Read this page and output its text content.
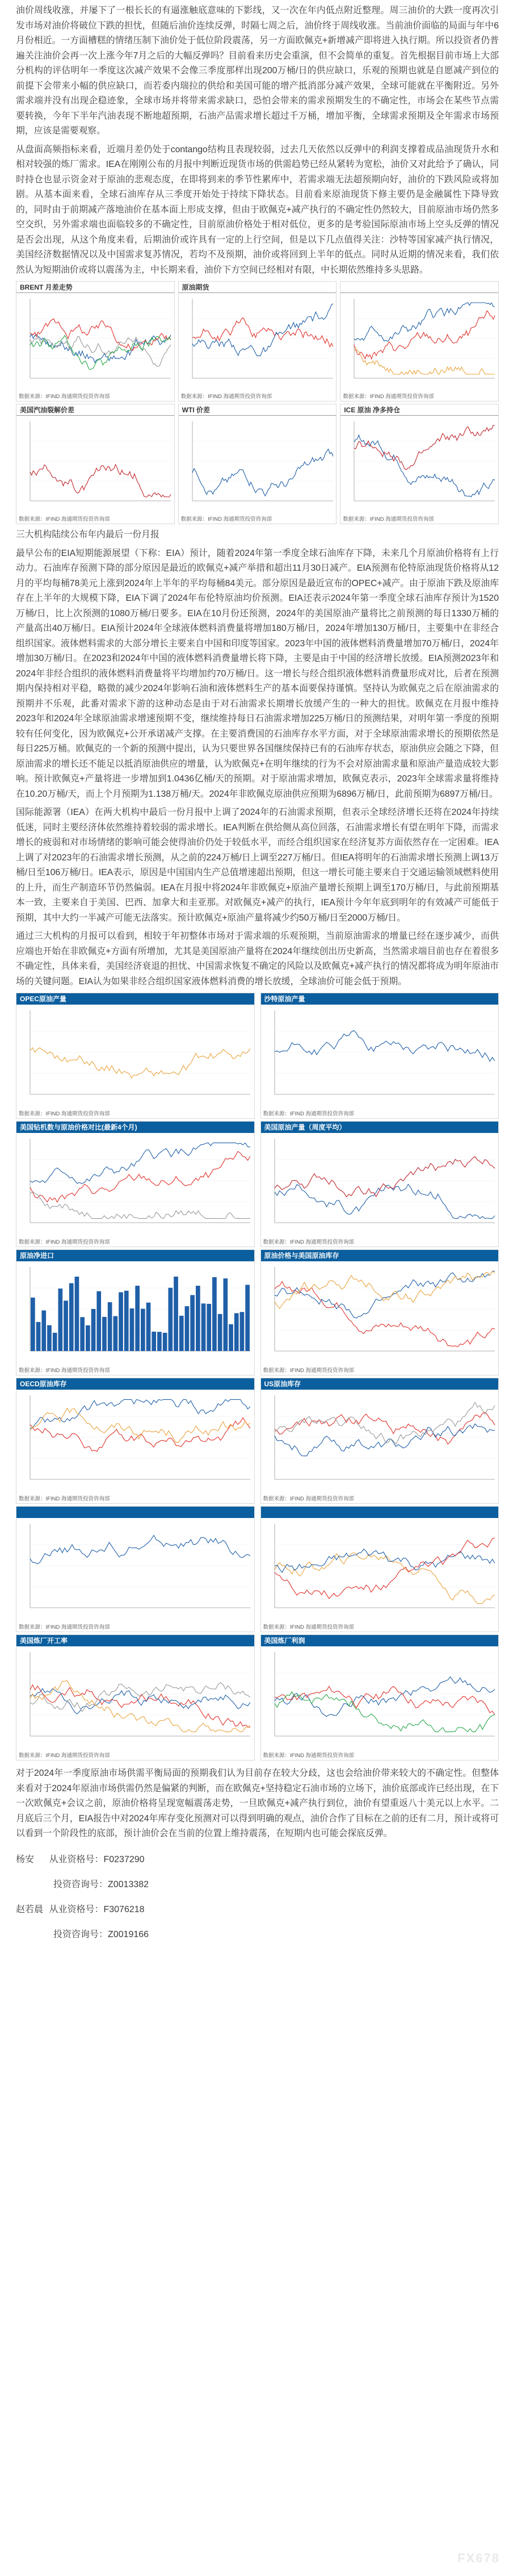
油价周线收涨，并屡下了一根长长的有逼涨触底意味的下影线，又一次在年内低点附近整理。周三油价的大跌一度再次引发市场对油价将破位下跌的担忧，但随后油价连续反弹，时隔七周之后，油价终于周线收涨。当前油价面临的局面与年中6月份相近。一方面槽糕的情绪压制下油价处于低位阶段震荡，另一方面欧佩克+新增减产即将进入执行期。所以投资者仍普遍关注油价会再一次上涨今年7月之后的大幅反弹吗？目前看来历史会重演，但不会简单的重复。首先根据目前市场上大部分机构的评估明年一季度这次减产效果不会像三季度那样出现200万桶/日的供应缺口，乐观的预期也就是自愿减产到位的前提下会带来小幅的供应缺口，而若委内瑞拉的供给和美国可能的增产抵消部分减产效果，全球可能就在平衡附近。另外需求端并没有出现企稳迹象，全球市场并将带来需求缺口，恐怕会带来的需求预期发生的不确定性，市场会在某些节点需要转换，今年下半年汽油表现不断地超预期，石油产品需求增长超过千万桶，增加平衡，全球需求预期及全年需求市场预期，应该是需要观察。

从盘面高频指标来看，近端月差仍处于contango结构且表现较弱，过去几天依然以反弹中的利润支撑着成品油现货升水和相对较强的炼厂需求。IEA在刚刚公布的月报中判断近现货市场的供需趋势已经从紧转为宽松，油价又对此给予了确认，同时持仓也显示资金对于原油的悲观态度，在即将到来的季节性累库中，若需求端无法超预期向好，油价的下跌风险或将加剧。从基本面来看，全球石油库存从三季度开始处于持续下降状态。目前看来原油现货下修主要仍是金融属性下降导致的，同时由于前期减产落地油价在基本面上形成支撑，但由于欧佩克+减产执行的不确定性仍然较大，目前原油市场仍然多空交织，另外需求端也面临较多的不确定性，目前原油价格处于相对低位，更多的是考验国际原油市场上空头反弹的情况是否会出现，从这个角度来看，后期油价或许具有一定的上行空间，但是以下几点值得关注：沙特等国家减产执行情况，美国经济数据情况以及中国需求复苏情况，若均不及预期，油价或将回到上半年的低点。同时从近期的情况来看，我们依然认为短期油价或将以震荡为主，中长期来看，油价下方空间已经相对有限，中长期依然维持多头思路。

BRENT 月差走势
数据来源：IFIND 海通期货投资咨询部
原油期货
数据来源：IFIND 海通期货投资咨询部	数据来源：IFIND 海通期货投资咨询部
美国汽油裂解价差
数据来源：IFIND 海通期货投资咨询部
WTI 价差
数据来源：IFIND 海通期货投资咨询部
ICE 原油 净多持仓
数据来源：IFIND 海通期货投资咨询部

三大机构陆续公布年内最后一份月报

最早公布的EIA短期能源展望（下称：EIA）预计，随着2024年第一季度全球石油库存下降，未来几个月原油价格将有上行动力。石油库存预测下降的部分原因是最近的欧佩克+减产举措和超出11月30日减产。EIA预测布伦特原油现货价格将从12月的平均每桶78美元上涨到2024年上半年的平均每桶84美元。部分原因是最近宣布的OPEC+减产。由于原油下跌及原油库存在上半年的大规模下降，EIA下调了2024年布伦特原油均价预测。EIA还表示2024年第一季度全球石油库存预计为1520万桶/日，比上次预测的1080万桶/日要多。EIA在10月份还预测，2024年的美国原油产量将比之前预测的每日1330万桶的产量高出40万桶/日。EIA预计2024年全球液体燃料消费量将增加180万桶/日，2024年增加130万桶/日，主要集中在非经合组织国家。液体燃料需求的大部分增长主要来自中国和印度等国家。2023年中国的液体燃料消费量增加70万桶/日，2024年增加30万桶/日。在2023和2024年中国的液体燃料消费量增长将下降，主要是由于中国的经济增长放缓。EIA预测2023年和2024年非经合组织的液体燃料消费量将平均增加约70万桶/日。这一增长与经合组织液体燃料消费量形成对比，后者在预测期内保持相对平稳，略微的减少2024年影响石油和液体燃料生产的基本面要保持谨慎。坚持认为欧佩克之后在原油需求的预期并不乐观，此番对需求下游的这种动态是由于对石油需求长期增长放缓产生的一种大的担忧。欧佩克在月报中维持2023年和2024年全球原油需求增速预期不变，继续维持每日石油需求增加225万桶/日的预测结果，对明年第一季度的预期较有任何变化，因为欧佩克+公开承诺减产支撑。在主要消费国的石油库存水平方面，对于全球原油需求增长的预期依然是每日225万桶。欧佩克的一个新的预测中提出，认为只要世界各国继续保持已有的石油库存状态，原油供应会随之下降，但原油需求的增长还不能足以抵消原油供应的增量，认为欧佩克+在明年继续的行为不会对原油需求量和原油产量造成较大影响。预计欧佩克+产量将进一步增加到1.0436亿桶/天的预期。对于原油需求增加，欧佩克表示，2023年全球需求量将维持在10.20万桶/天，而上个月预期为1.138万桶/天。2024年非欧佩克原油供应预期为6896万桶/日，此前预期为6897万桶/日。

国际能源署（IEA）在两大机构中最后一份月报中上调了2024年的石油需求预期，但表示全球经济增长还将在2024年持续低迷，同时主要经济体依然维持着较弱的需求增长。IEA判断在供给侧从高位回落，石油需求增长有望在明年下降，而需求增长的疲弱和对市场情绪的影响可能会使得油价仍处于较低水平，而经合组织国家在经济复苏方面依然存在一定困难。IEA上调了对2023年的石油需求增长预测，从之前的224万桶/日上调至227万桶/日。但IEA将明年的石油需求增长预测上调13万桶/日至106万桶/日。IEA表示，原因是中国国内生产总值增速超出预期，但这一增长可能主要来自于交通运输领域燃料使用的上升，而生产制造环节仍然偏弱。IEA在月报中将2024年非欧佩克+原油产量增长预期上调至170万桶/日，与此前预期基本一致，主要来自于美国、巴西、加拿大和圭亚那。对欧佩克+减产的执行，IEA预计今年年底到明年的有效减产可能低于预期，其中大约一半减产可能无法落实。预计欧佩克+原油产量将减少约50万桶/日至2000万桶/日。

通过三大机构的月报可以看到，相较于年初整体市场对于需求端的乐观预期，当前原油需求的增量已经在逐步减少，而供应端也开始在非欧佩克+方面有所增加，尤其是美国原油产量将在2024年继续创出历史新高，当然需求端目前也存在着很多不确定性，具体来看，美国经济衰退的担忧、中国需求恢复不确定的风险以及欧佩克+减产执行的情况都将成为明年原油市场的关键问题。EIA认为如果非经合组织国家液体燃料消费的增长放缓，全球油价可能会低于预期。

OPEC原油产量
数据来源：IFIND 海通期货投资咨询部
沙特原油产量
数据来源：IFIND 海通期货投资咨询部
美国钻机数与原油价格对比(最新4个月)
数据来源：IFIND 海通期货投资咨询部
美国原油产量（周度平均）
数据来源：IFIND 海通期货投资咨询部
原油净进口
数据来源：IFIND 海通期货投资咨询部
原油价格与美国原油库存
数据来源：IFIND 海通期货投资咨询部
OECD原油库存
数据来源：IFIND 海通期货投资咨询部
US原油库存
数据来源：IFIND 海通期货投资咨询部
数据来源：IFIND 海通期货投资咨询部	数据来源：IFIND 海通期货投资咨询部
美国炼厂开工率
数据来源：IFIND 海通期货投资咨询部
美国炼厂利润
数据来源：IFIND 海通期货投资咨询部

对于2024年一季度原油市场供需平衡局面的预期我们认为目前存在较大分歧，这也会给油价带来较大的不确定性。但整体来看对于2024年原油市场供需仍然是偏紧的判断，而在欧佩克+坚持稳定石油市场的立场下，油价底部或许已经出现，在下一次欧佩克+会议之前，原油价格将呈现宽幅震荡走势，一旦欧佩克+减产执行到位，油价有望重返八十美元以上水平。二月底后三个月，EIA报告中对2024年库存变化预测对可以得到明确的观点，油价合作了目标在之前的还有二月，预计或将可以看到一个阶段性的底部，预计油价会在当前的位置上维持震荡，在短期内也可能会探底反弹。

杨安 从业资格号：F0237290
投资咨询号：Z0013382
赵若晨 从业资格号：F3076218
投资咨询号：Z0019166
FX678
